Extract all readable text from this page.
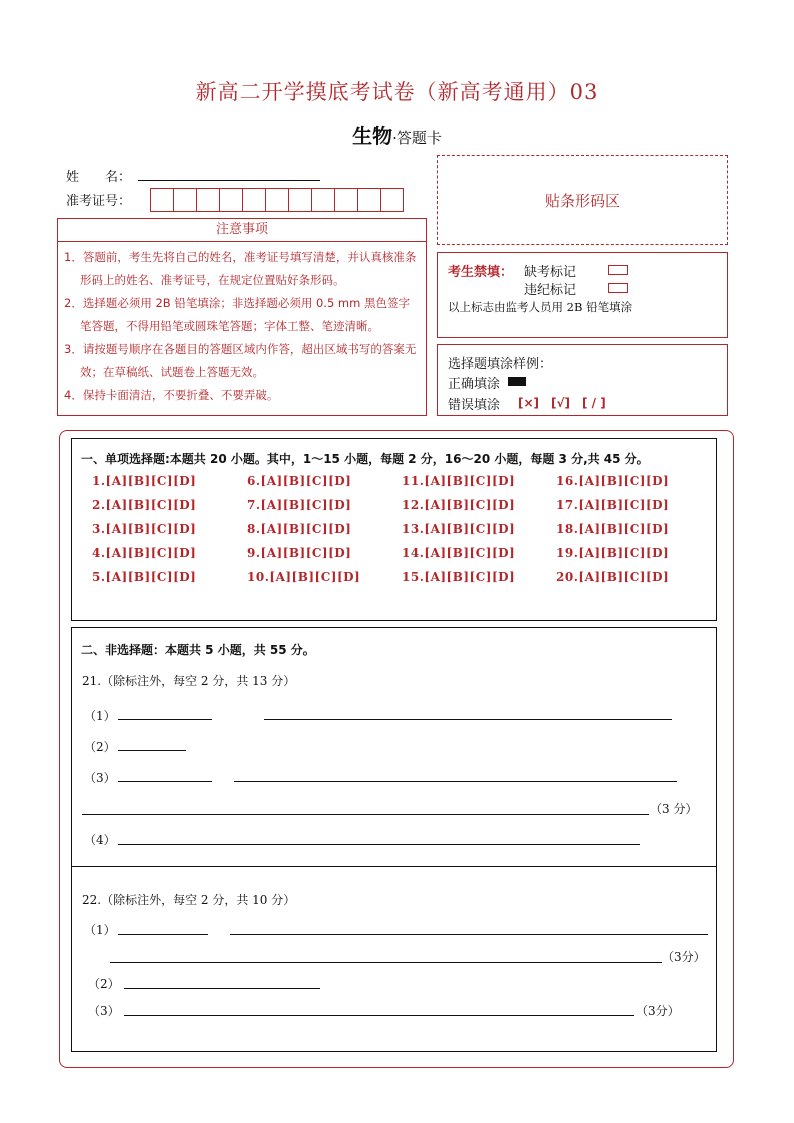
新高二开学摸底考试卷（新高考通用）03
生物·答题卡
姓　　名：
准考证号：	贴条形码区
注意事项
1．答题前，考生先将自己的姓名，准考证号填写清楚，并认真核准条形码上的姓名、准考证号，在规定位置贴好条形码。
2．选择题必须用 2B 铅笔填涂；非选择题必须用 0.5 mm 黑色签字笔答题，不得用铅笔或圆珠笔答题；字体工整、笔迹清晰。
3．请按题号顺序在各题目的答题区域内作答，超出区域书写的答案无效；在草稿纸、试题卷上答题无效。
4．保持卡面清洁，不要折叠、不要弄破。
考生禁填： 缺考标记
违纪标记
以上标志由监考人员用 2B 铅笔填涂
选择题填涂样例：
正确填涂
错误填涂 [×]　[√]　[ / ]
一、单项选择题:本题共 20 小题。其中，1～15 小题，每题 2 分，16～20 小题，每题 3 分,共 45 分。
1.[A][B][C][D]
2.[A][B][C][D]
3.[A][B][C][D]
4.[A][B][C][D]
5.[A][B][C][D]
6.[A][B][C][D]
7.[A][B][C][D]
8.[A][B][C][D]
9.[A][B][C][D]
10.[A][B][C][D]
11.[A][B][C][D]
12.[A][B][C][D]
13.[A][B][C][D]
14.[A][B][C][D]
15.[A][B][C][D]
16.[A][B][C][D]
17.[A][B][C][D]
18.[A][B][C][D]
19.[A][B][C][D]
20.[A][B][C][D]
二、非选择题：本题共 5 小题，共 55 分。
21.（除标注外，每空 2 分，共 13 分）
（1）
（2）
（3）
（3 分）
（4）
22.（除标注外，每空 2 分，共 10 分）
（1）
（3分）
（2）
（3）	（3分）
